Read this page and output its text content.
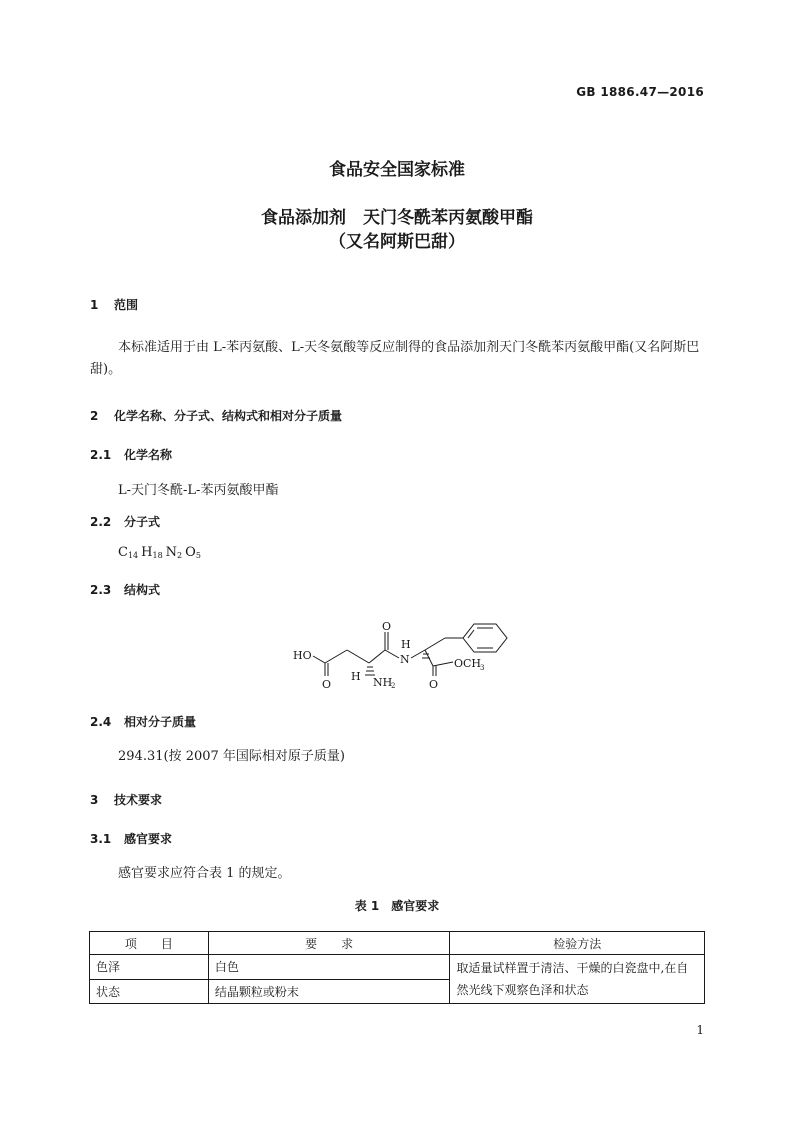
GB 1886.47—2016
食品安全国家标准
食品添加剂　天门冬酰苯丙氨酸甲酯
（又名阿斯巴甜）
1 范围
本标准适用于由 L-苯丙氨酸、L-天冬氨酸等反应制得的食品添加剂天门冬酰苯丙氨酸甲酯(又名阿斯巴甜)。
2 化学名称、分子式、结构式和相对分子质量
2.1 化学名称
L-天门冬酰-L-苯丙氨酸甲酯
2.2 分子式
$C_{14}$ $H_{18}$ $N_2$ $O_5$
2.3 结构式
HO
O
O
H NH
2
H
N
O
OCH
3
2.4 相对分子质量
294.31(按 2007 年国际相对原子质量)
3 技术要求
3.1 感官要求
感官要求应符合表 1 的规定。
表 1　感官要求
项　　目	要　　求	检验方法
色泽	白色	取适量试样置于清洁、干燥的白瓷盘中,在自然光线下观察色泽和状态
状态	结晶颗粒或粉末	
1
